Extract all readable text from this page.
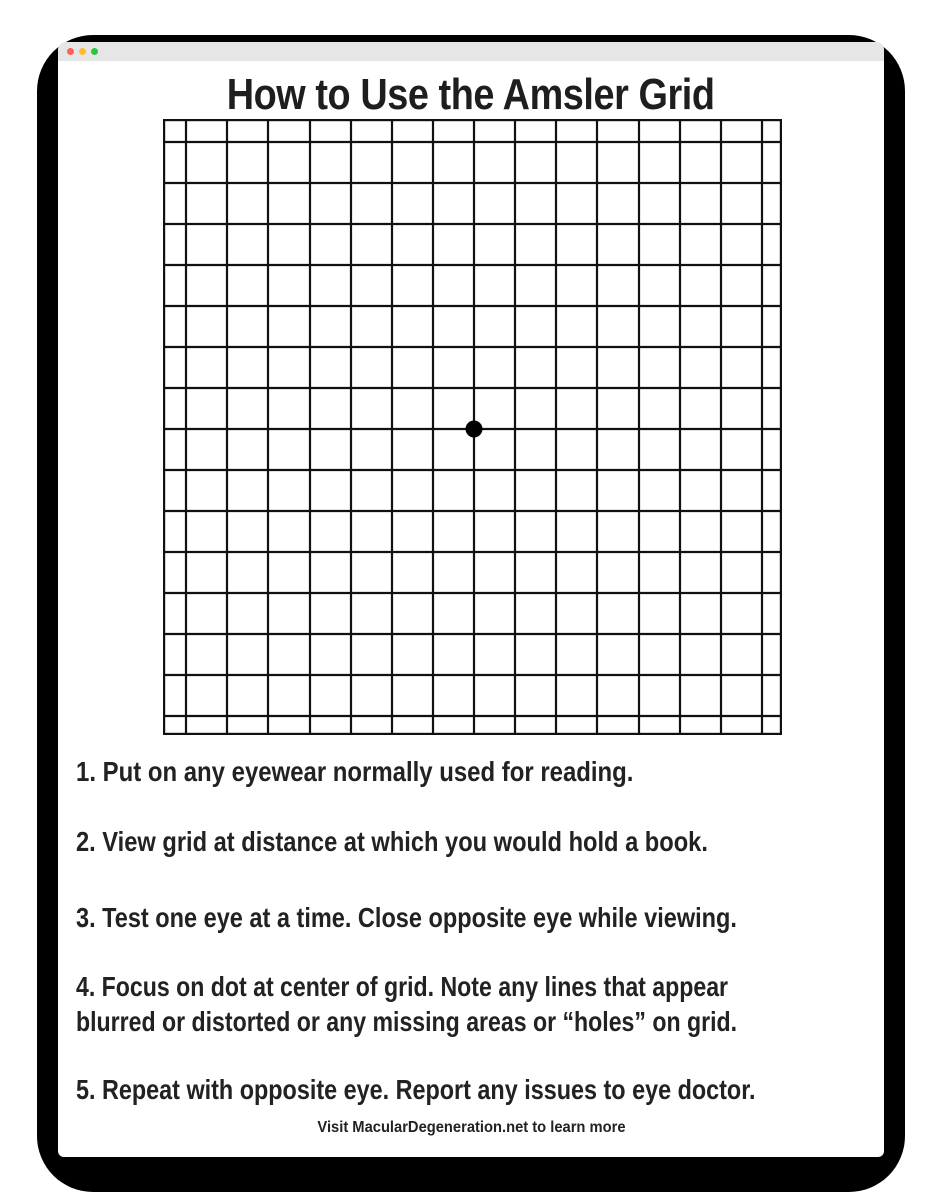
How to Use the Amsler Grid
1. Put on any eyewear normally used for reading.
2. View grid at distance at which you would hold a book.
3. Test one eye at a time. Close opposite eye while viewing.
4. Focus on dot at center of grid. Note any lines that appear
blurred or distorted or any missing areas or “holes” on grid.
5. Repeat with opposite eye. Report any issues to eye doctor.
Visit MacularDegeneration.net to learn more
